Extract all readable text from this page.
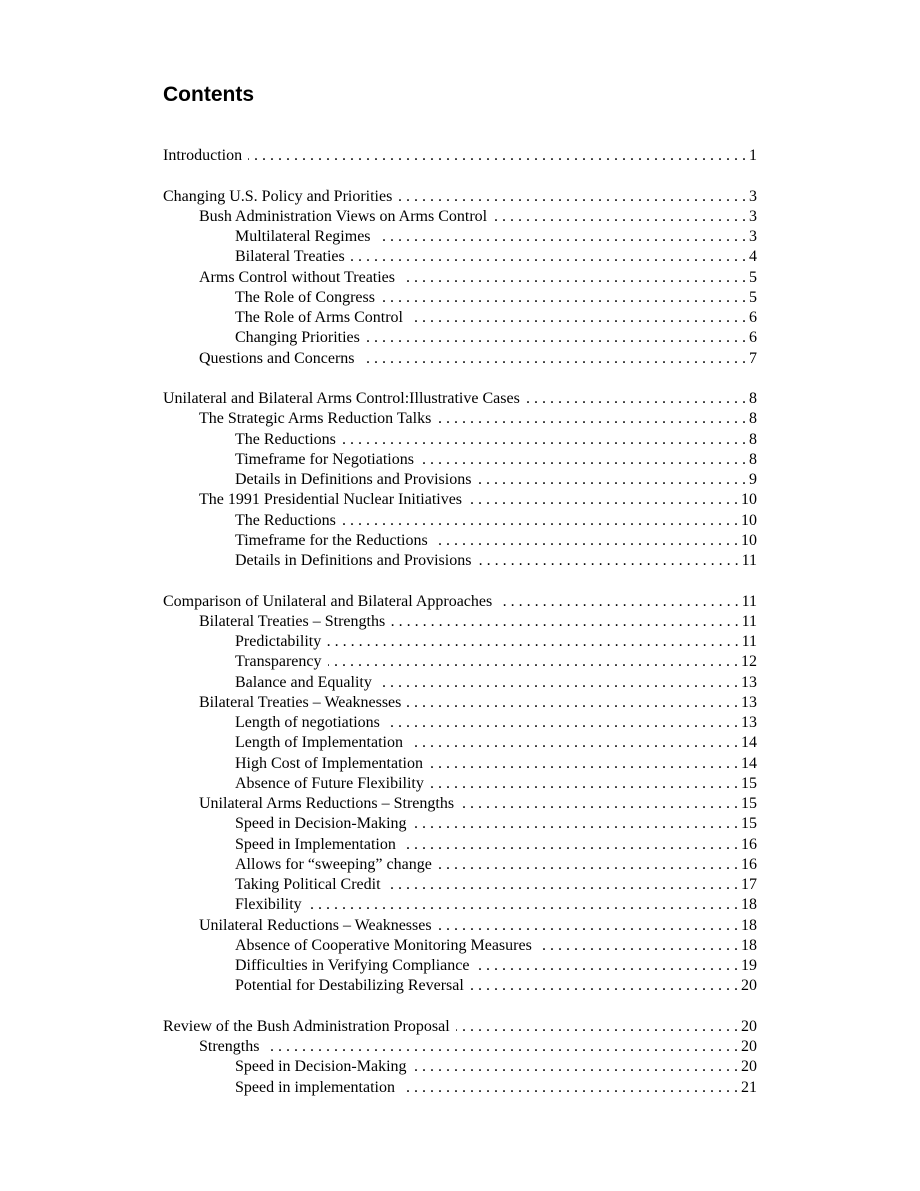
Contents
Introduction . . .	1
Changing U.S. Policy and Priorities . . .	3
Bush Administration Views on Arms Control . . .	3
Multilateral Regimes . . .	3
Bilateral Treaties . . .	4
Arms Control without Treaties . . .	5
The Role of Congress . . .	5
The Role of Arms Control . . .	6
Changing Priorities . . .	6
Questions and Concerns . . .	7
Unilateral and Bilateral Arms Control:Illustrative Cases . . .	8
The Strategic Arms Reduction Talks . . .	8
The Reductions . . .	8
Timeframe for Negotiations . . .	8
Details in Definitions and Provisions . . .	9
The 1991 Presidential Nuclear Initiatives . . .	10
The Reductions . . .	10
Timeframe for the Reductions . . .	10
Details in Definitions and Provisions . . .	11
Comparison of Unilateral and Bilateral Approaches . . .	11
Bilateral Treaties – Strengths . . .	11
Predictability . . .	11
Transparency . . .	12
Balance and Equality . . .	13
Bilateral Treaties – Weaknesses . . .	13
Length of negotiations . . .	13
Length of Implementation . . .	14
High Cost of Implementation . . .	14
Absence of Future Flexibility . . .	15
Unilateral Arms Reductions – Strengths . . .	15
Speed in Decision-Making . . .	15
Speed in Implementation . . .	16
Allows for “sweeping” change . . .	16
Taking Political Credit . . .	17
Flexibility . . .	18
Unilateral Reductions – Weaknesses . . .	18
Absence of Cooperative Monitoring Measures . . .	18
Difficulties in Verifying Compliance . . .	19
Potential for Destabilizing Reversal . . .	20
Review of the Bush Administration Proposal . . .	20
Strengths . . .	20
Speed in Decision-Making . . .	20
Speed in implementation . . .	21
